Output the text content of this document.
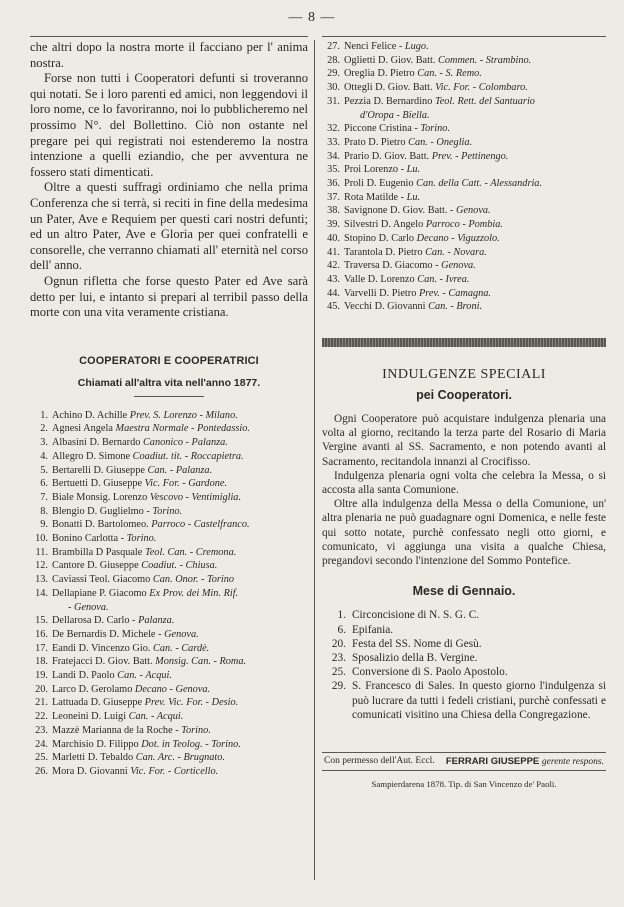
— 8 —

che altri dopo la nostra morte il facciano per l' anima nostra.

Forse non tutti i Cooperatori defunti si troveranno qui notati. Se i loro parenti ed amici, non leggendovi il loro nome, ce lo favoriranno, noi lo pubblicheremo nel prossimo N°. del Bollettino. Ciò non ostante nel pregare pei qui registrati noi estenderemo la nostra intenzione a quelli eziandio, che per avventura ne fossero stati dimenticati.

Oltre a questi suffragi ordiniamo che nella prima Conferenza che si terrà, si reciti in fine della medesima un Pater, Ave e Requiem per questi cari nostri defunti; ed un altro Pater, Ave e Gloria per quei confratelli e consorelle, che verranno chiamati all' eternità nel corso dell' anno.

Ognun rifletta che forse questo Pater ed Ave sarà detto per lui, e intanto si prepari al terribil passo della morte con una vita veramente cristiana.

COOPERATORI E COOPERATRICI

Chiamati all'altra vita nell'anno 1877.

1. Achino D. Achille Prev. S. Lorenzo - Milano.
2. Agnesi Angela Maestra Normale - Pontedassio.
3. Albasini D. Bernardo Canonico - Palanza.
4. Allegro D. Simone Coadiut. tit. - Roccapietra.
5. Bertarelli D. Giuseppe Can. - Palanza.
6. Bertuetti D. Giuseppe Vic. For. - Gardone.
7. Biale Monsig. Lorenzo Vescovo - Ventimiglia.
8. Blengio D. Guglielmo - Torino.
9. Bonatti D. Bartolomeo. Parroco - Castelfranco.
10. Bonino Carlotta - Torino.
11. Brambilla D Pasquale Teol. Can. - Cremona.
12. Cantore D. Giuseppe Coadiut. - Chiusa.
13. Caviassi Teol. Giacomo Can. Onor. - Torino
14. Dellapiane P. Giacomo Ex Prov. dei Min. Rif.
- Genova.
15. Dellarosa D. Carlo - Palanza.
16. De Bernardis D. Michele - Genova.
17. Eandi D. Vincenzo Gio. Can. - Cardè.
18. Fratejacci D. Giov. Batt. Monsig. Can. - Roma.
19. Landi D. Paolo Can. - Acqui.
20. Larco D. Gerolamo Decano - Genova.
21. Lattuada D. Giuseppe Prev. Vic. For. - Desio.
22. Leoneini D. Luigi Can. - Acqui.
23. Mazzè Marianna de la Roche - Torino.
24. Marchisio D. Filippo Dot. in Teolog. - Torino.
25. Marletti D. Tebaldo Can. Arc. - Brugnato.
26. Mora D. Giovanni Vic. For. - Corticello.
27. Nenci Felice - Lugo.
28. Oglietti D. Giov. Batt. Commen. - Strambino.
29. Oreglia D. Pietro Can. - S. Remo.
30. Ottegli D. Giov. Batt. Vic. For. - Colombaro.
31. Pezzia D. Bernardino Teol. Rett. del Santuario
d'Oropa - Biella.
32. Piccone Cristina - Torino.
33. Prato D. Pietro Can. - Oneglia.
34. Prario D. Giov. Batt. Prev. - Pettinengo.
35. Proi Lorenzo - Lu.
36. Proli D. Eugenio Can. della Catt. - Alessandria.
37. Rota Matilde - Lu.
38. Savignone D. Giov. Batt. - Genova.
39. Silvestri D. Angelo Parroco - Pombia.
40. Stopino D. Carlo Decano - Viguzzolo.
41. Tarantola D. Pietro Can. - Novara.
42. Traversa D. Giacomo - Genova.
43. Valle D. Lorenzo Can. - Ivrea.
44. Varvelli D. Pietro Prev. - Camagna.
45. Vecchi D. Giovanni Can. - Broni.

INDULGENZE SPECIALI

pei Cooperatori.

Ogni Cooperatore può acquistare indulgenza plenaria una volta al giorno, recitando la terza parte del Rosario di Maria Vergine avanti al SS. Sacramento, e non potendo avanti al Sacramento, recitandola innanzi al Crocifisso.

Indulgenza plenaria ogni volta che celebra la Messa, o si accosta alla santa Comunione.

Oltre alla indulgenza della Messa o della Comunione, un' altra plenaria ne può guadagnare ogni Domenica, e nelle feste qui sotto notate, purchè confessato negli otto giorni, e comunicato, vi aggiunga una visita a qualche Chiesa, pregandovi secondo l'intenzione del Sommo Pontefice.

Mese di Gennaio.

1. Circoncisione di N. S. G. C.
6. Epifania.
20. Festa del SS. Nome di Gesù.
23. Sposalizio della B. Vergine.
25. Conversione di S. Paolo Apostolo.
29. S. Francesco di Sales. In questo giorno l'indulgenza si può lucrare da tutti i fedeli cristiani, purchè confessati e comunicati visitino una Chiesa della Congregazione.
Con permesso dell'Aut. Eccl. FERRARI GIUSEPPE gerente respons.

Sampierdarena 1878. Tip. di San Vincenzo de' Paoli.
